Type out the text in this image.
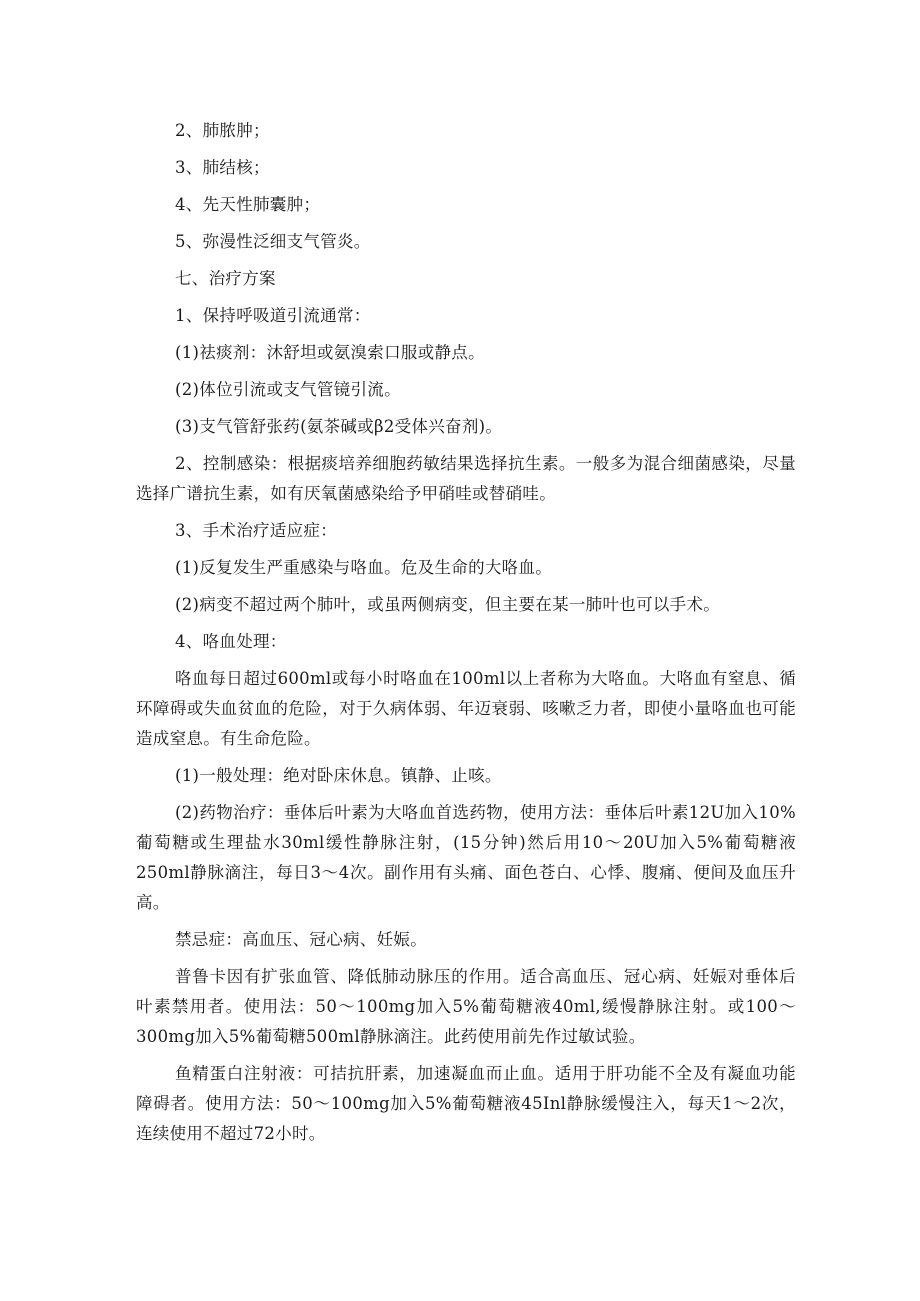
2、肺脓肿；

3、肺结核；

4、先天性肺囊肿；

5、弥漫性泛细支气管炎。

七、治疗方案

1、保持呼吸道引流通常：

(1)祛痰剂：沐舒坦或氨溴索口服或静点。

(2)体位引流或支气管镜引流。

(3)支气管舒张药(氨茶碱或β2受体兴奋剂)。

2、控制感染：根据痰培养细胞药敏结果选择抗生素。一般多为混合细菌感染，尽量选择广谱抗生素，如有厌氧菌感染给予甲硝哇或替硝哇。

3、手术治疗适应症：

(1)反复发生严重感染与咯血。危及生命的大咯血。

(2)病变不超过两个肺叶，或虽两侧病变，但主要在某一肺叶也可以手术。

4、咯血处理：

咯血每日超过600ml或每小时咯血在100ml以上者称为大咯血。大咯血有窒息、循环障碍或失血贫血的危险，对于久病体弱、年迈衰弱、咳嗽乏力者，即使小量咯血也可能造成窒息。有生命危险。

(1)一般处理：绝对卧床休息。镇静、止咳。

(2)药物治疗：垂体后叶素为大咯血首选药物，使用方法：垂体后叶素12U加入10%葡萄糖或生理盐水30ml缓性静脉注射，(15分钟)然后用10～20U加入5%葡萄糖液250ml静脉滴注，每日3～4次。副作用有头痛、面色苍白、心悸、腹痛、便间及血压升高。

禁忌症：高血压、冠心病、妊娠。

普鲁卡因有扩张血管、降低肺动脉压的作用。适合高血压、冠心病、妊娠对垂体后叶素禁用者。使用法：50～100mg加入5%葡萄糖液40ml,缓慢静脉注射。或100～300mg加入5%葡萄糖500ml静脉滴注。此药使用前先作过敏试验。

鱼精蛋白注射液：可拮抗肝素，加速凝血而止血。适用于肝功能不全及有凝血功能障碍者。使用方法：50～100mg加入5%葡萄糖液45Inl静脉缓慢注入，每天1～2次，连续使用不超过72小时。
